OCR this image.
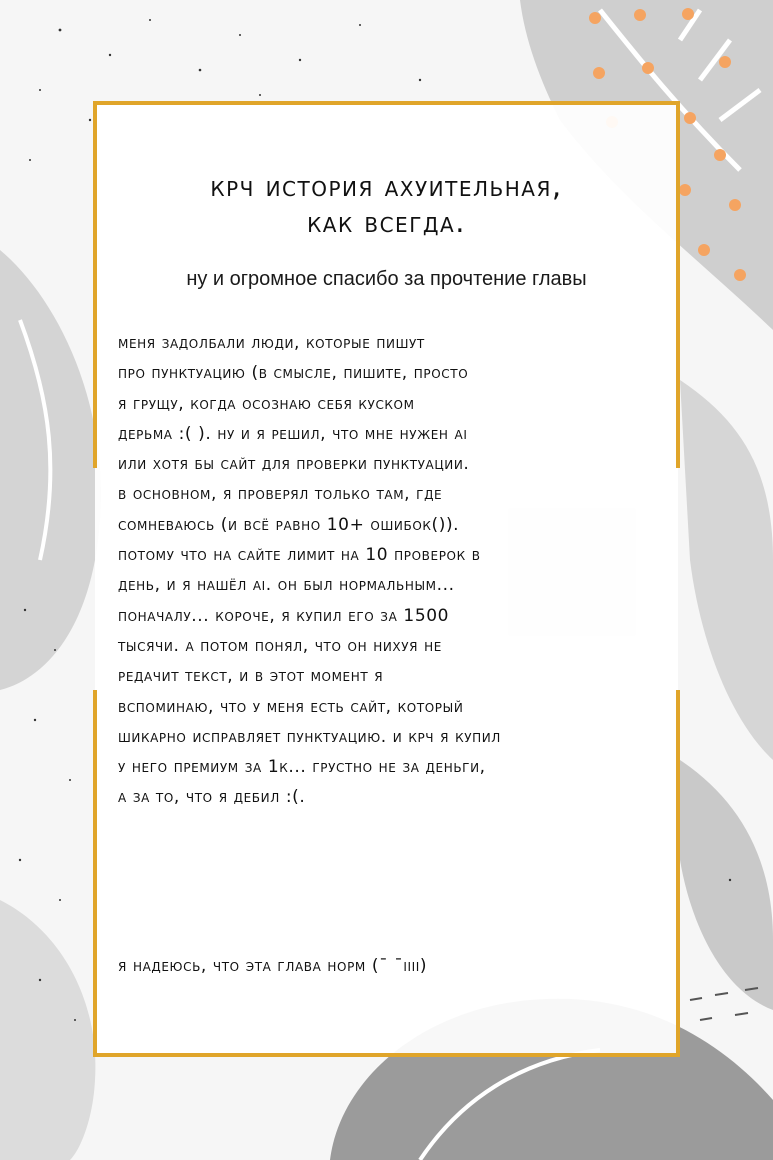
крч история ахуительная,
как всегда.
ну и огромное спасибо за прочтение главы
меня задолбали люди, которые пишут
про пунктуацию (в смысле, пишите, просто
я грущу, когда осознаю себя куском
дерьма :( ). ну и я решил, что мне нужен ai
или хотя бы сайт для проверки пунктуации.
в основном, я проверял только там, где
сомневаюсь (и всё равно 10+ ошибок()).
потому что на сайте лимит на 10 проверок в
день, и я нашёл ai. он был нормальным...
поначалу... короче, я купил его за 1500
тысячи. а потом понял, что он нихуя не
редачит текст, и в этот момент я
вспоминаю, что у меня есть сайт, который
шикарно исправляет пунктуацию. и крч я купил
у него премиум за 1к... грустно не за деньги,
а за то, что я дебил :(.
я надеюсь, что эта глава норм (¯ ¯ıııı)
